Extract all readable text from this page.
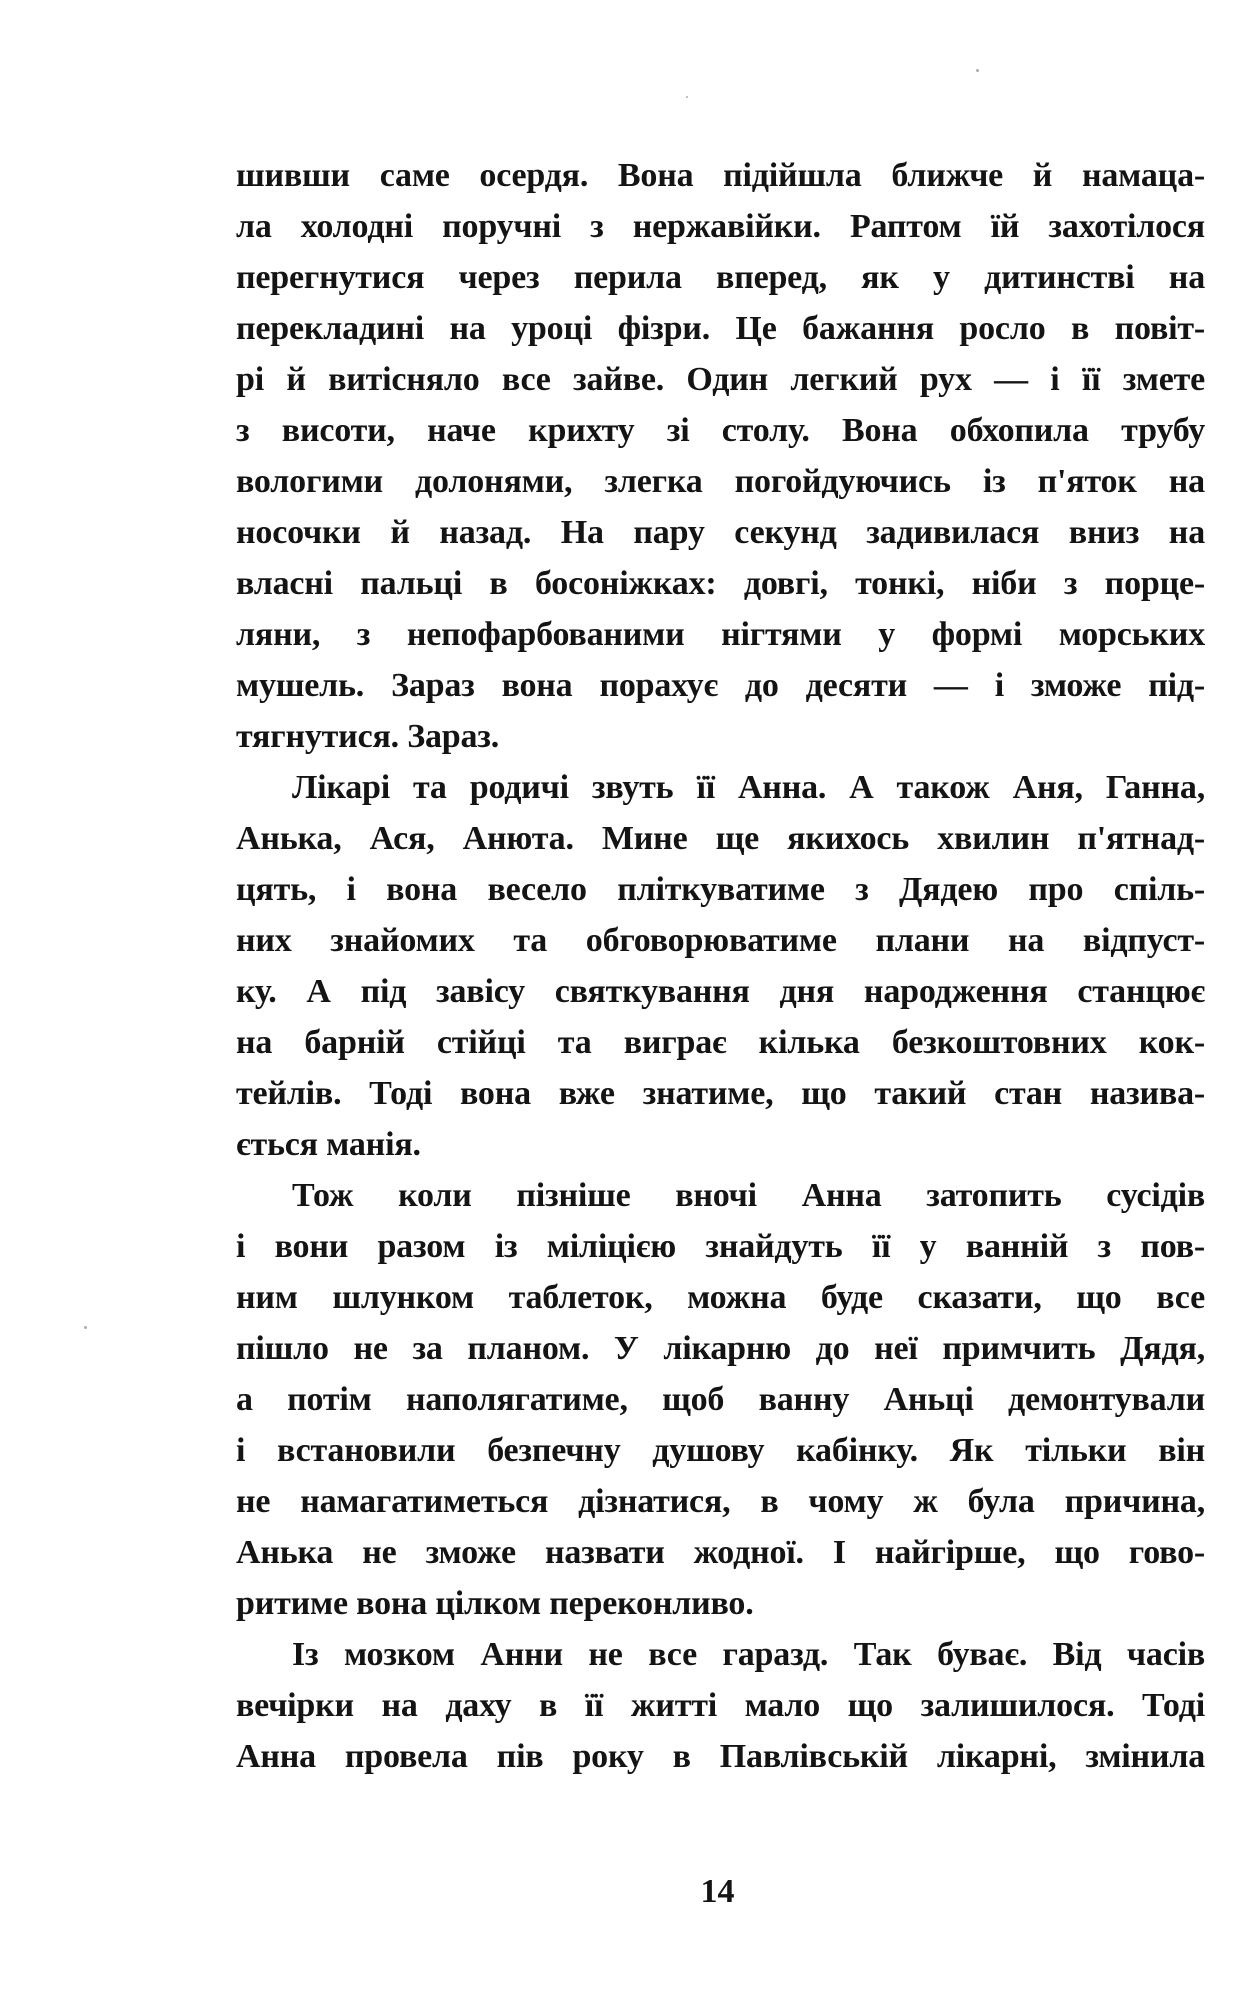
шивши саме осердя. Вона підійшла ближче й намаца-
ла холодні поручні з нержавійки. Раптом їй захотілося
перегнутися через перила вперед, як у дитинстві на
перекладині на уроці фізри. Це бажання росло в повіт-
рі й витісняло все зайве. Один легкий рух — і її змете
з висоти, наче крихту зі столу. Вона обхопила трубу
вологими долонями, злегка погойдуючись із п'яток на
носочки й назад. На пару секунд задивилася вниз на
власні пальці в босоніжках: довгі, тонкі, ніби з порце-
ляни, з непофарбованими нігтями у формі морських
мушель. Зараз вона порахує до десяти — і зможе під-
тягнутися. Зараз.

Лікарі та родичі звуть її Анна. А також Аня, Ганна,
Анька, Ася, Анюта. Мине ще якихось хвилин п'ятнад-
цять, і вона весело пліткуватиме з Дядею про спіль-
них знайомих та обговорюватиме плани на відпуст-
ку. А під завісу святкування дня народження станцює
на барній стійці та виграє кілька безкоштовних кок-
тейлів. Тоді вона вже знатиме, що такий стан назива-
ється манія.

Тож коли пізніше вночі Анна затопить сусідів
і вони разом із міліцією знайдуть її у ванній з пов-
ним шлунком таблеток, можна буде сказати, що все
пішло не за планом. У лікарню до неї примчить Дядя,
а потім наполягатиме, щоб ванну Аньці демонтували
і встановили безпечну душову кабінку. Як тільки він
не намагатиметься дізнатися, в чому ж була причина,
Анька не зможе назвати жодної. І найгірше, що гово-
ритиме вона цілком переконливо.

Із мозком Анни не все гаразд. Так буває. Від часів
вечірки на даху в її житті мало що залишилося. Тоді
Анна провела пів року в Павлівській лікарні, змінила

14
